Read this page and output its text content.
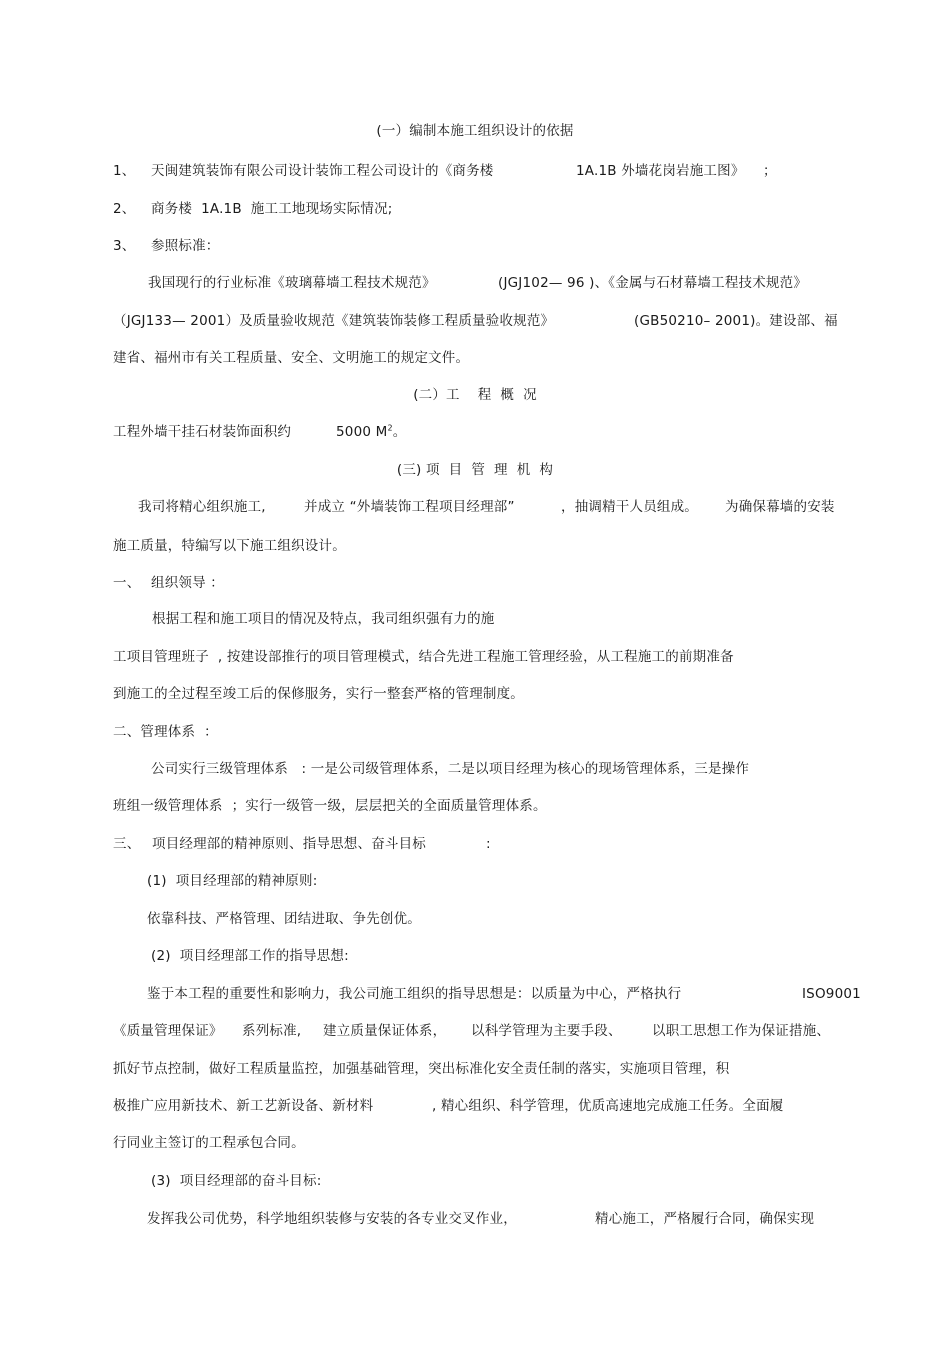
(一）编制本施工组织设计的依据
1、 天闽建筑装饰有限公司设计装饰工程公司设计的《商务楼	1A.1B 外墙花岗岩施工图》 ；
2、 商务楼  1A.1B  施工工地现场实际情况;
3、 参照标准：
我国现行的行业标准《玻璃幕墙工程技术规范》	(JGJ102— 96 )、《金属与石材幕墙工程技术规范》
（JGJ133— 2001）及质量验收规范《建筑装饰装修工程质量验收规范》	(GB50210– 2001)。建设部、福
建省、福州市有关工程质量、安全、文明施工的规定文件。
(二）工    程  概  况
工程外墙干挂石材装饰面积约	5000 $M^2$。
(三) 项  目  管  理  机  构
我司将精心组织施工,	并成立 “外墙装饰工程项目经理部”	，抽调精干人员组成。 为确保幕墙的安装
施工质量，特编写以下施工组织设计。
一、 组织领导 ：
根据工程和施工项目的情况及特点，我司组织强有力的施
工项目管理班子  , 按建设部推行的项目管理模式，结合先进工程施工管理经验，从工程施工的前期准备
到施工的全过程至竣工后的保修服务，实行一整套严格的管理制度。
二、管理体系  ：
公司实行三级管理体系   : 一是公司级管理体系，二是以项目经理为核心的现场管理体系，三是操作
班组一级管理体系  ；实行一级管一级，层层把关的全面质量管理体系。
三、 项目经理部的精神原则、指导思想、奋斗目标	:
(1)  项目经理部的精神原则:
依靠科技、严格管理、团结进取、争先创优。
(2)  项目经理部工作的指导思想:
鉴于本工程的重要性和影响力，我公司施工组织的指导思想是：以质量为中心，严格执行	ISO9001
《质量管理保证》 系列标准, 建立质量保证体系， 以科学管理为主要手段、 以职工思想工作为保证措施、
抓好节点控制，做好工程质量监控，加强基础管理，突出标准化安全责任制的落实，实施项目管理，积
极推广应用新技术、新工艺新设备、新材料	, 精心组织、科学管理，优质高速地完成施工任务。全面履
行同业主签订的工程承包合同。
(3)  项目经理部的奋斗目标:
发挥我公司优势，科学地组织装修与安装的各专业交叉作业，	精心施工，严格履行合同，确保实现
